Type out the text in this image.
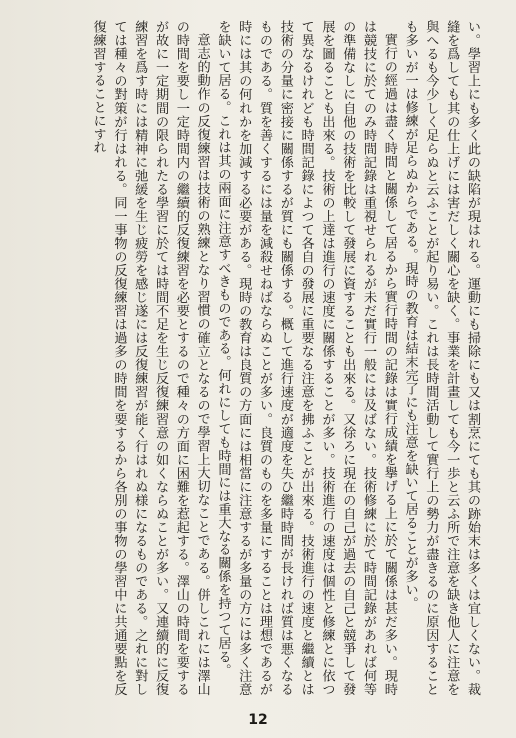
い。學習上にも多く此の缺陷が現はれる。運動にも掃除にも又は割烹にても其の跡始末は多くは宜しくない。裁縫を爲しても其の仕上げには害だしく關心を缺く。事業を計畫しても今一歩と云ふ所で注意を缺き他人に注意を與へるも今少しく足らぬと云ふことが起り易い。これは長時間活動して實行上の勢力が盡きるのに原因することも多いが一は修練が足らぬからである。現時の教育は結末完了にも注意を缺いて居ることが多い。

實行の經過は盡く時間と關係して居るから實行時間の記錄は實行成績を擧げる上に於て關係は甚だ多い。現時は競技に於てのみ時間記錄は重視せられるが未だ實行一般には及ばない。技術修練に於て時間記錄があれば何等の準備なしに自他の技術を比較して發展に資することも出來る。又徐ろに現在の自己が過去の自己と競爭して發展を圖ることも出來る。技術の上達は進行の速度に關係することが多い。技術進行の速度は個性と修練とに依つて異なるけれども時間記錄によつて各自の發展に重要なる注意を拂ふことが出來る。技術進行の速度と繼續とは技術の分量に密接に關係するが質にも關係する。概して進行速度が適度を失ひ繼時時間が長ければ質は悪くなるものである。質を善くするには量を減殺せねばならぬことが多い。良質のものを多量にすることは理想であるが時には其の何れかを加減する必要がある。現時の教育は良質の方面には相當に注意するが多量の方には多く注意を缺いて居る。これは其の兩面に注意すべきものである。何れにしても時間には重大なる關係を持つて居る。

意志的動作の反復練習は技術の熟練となり習慣の確立となるので學習上大切なことである。併しこれには澤山の時間を要し一定時間内の繼續的反復練習を必要とするので種々の方面に困難を惹起する。澤山の時間を要するが故に一定期間の限られたる學習に於ては時間不足を生じ反復練習意の如くならぬことが多い。又連續的に反復練習を爲す時には精神に弛緩を生じ疲勞を感じ遂には反復練習が能く行はれぬ様になるものである。之れに對しては種々の對策が行はれる。同一事物の反復練習は過多の時間を要するから各別の事物の學習中に共通要點を反復練習することにすれ

12
